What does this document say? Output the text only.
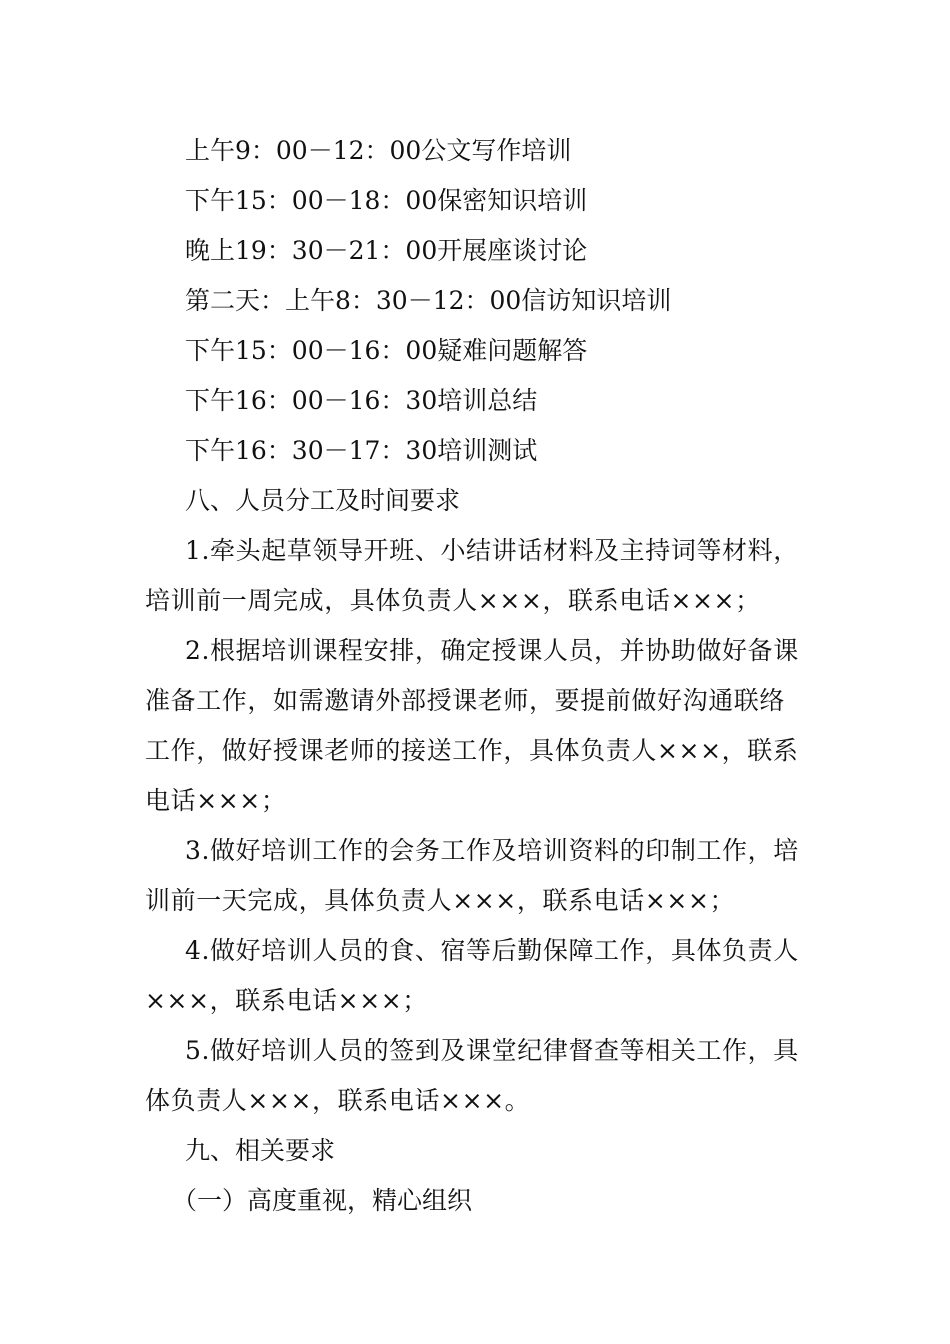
上午9：00－12：00公文写作培训
下午15：00－18：00保密知识培训
晚上19：30－21：00开展座谈讨论
第二天：上午8：30－12：00信访知识培训
下午15：00－16：00疑难问题解答
下午16：00－16：30培训总结
下午16：30－17：30培训测试
八、人员分工及时间要求
1.牵头起草领导开班、小结讲话材料及主持词等材料，
培训前一周完成，具体负责人×××，联系电话×××；
2.根据培训课程安排，确定授课人员，并协助做好备课
准备工作，如需邀请外部授课老师，要提前做好沟通联络
工作，做好授课老师的接送工作，具体负责人×××，联系
电话×××；
3.做好培训工作的会务工作及培训资料的印制工作，培
训前一天完成，具体负责人×××，联系电话×××；
4.做好培训人员的食、宿等后勤保障工作，具体负责人
×××，联系电话×××；
5.做好培训人员的签到及课堂纪律督查等相关工作，具
体负责人×××，联系电话×××。
九、相关要求
（一）高度重视，精心组织
